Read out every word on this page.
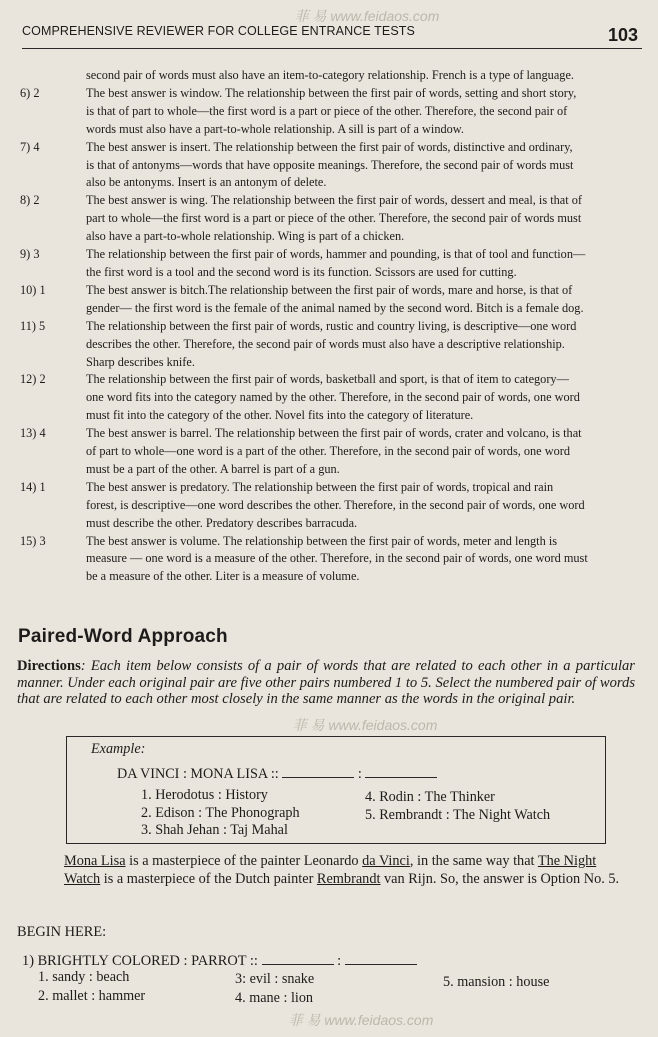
菲 易 www.feidaos.com
COMPREHENSIVE REVIEWER FOR COLLEGE ENTRANCE TESTS	103
second pair of words must also have an item-to-category relationship. French is a type of language.
6) 2	The best answer is window. The relationship between the first pair of words, setting and short story,
is that of part to whole—the first word is a part or piece of the other. Therefore, the second pair of
words must also have a part-to-whole relationship. A sill is part of a window.
7) 4	The best answer is insert. The relationship between the first pair of words, distinctive and ordinary,
is that of antonyms—words that have opposite meanings. Therefore, the second pair of words must
also be antonyms. Insert is an antonym of delete.
8) 2	The best answer is wing. The relationship between the first pair of words, dessert and meal, is that of
part to whole—the first word is a part or piece of the other. Therefore, the second pair of words must
also have a part-to-whole relationship. Wing is part of a chicken.
9) 3	The relationship between the first pair of words, hammer and pounding, is that of tool and function—
the first word is a tool and the second word is its function. Scissors are used for cutting.
10) 1	The best answer is bitch.The relationship between the first pair of words, mare and horse, is that of
gender— the first word is the female of the animal named by the second word. Bitch is a female dog.
11) 5	The relationship between the first pair of words, rustic and country living, is descriptive—one word
describes the other. Therefore, the second pair of words must also have a descriptive relationship.
Sharp describes knife.
12) 2	The relationship between the first pair of words, basketball and sport, is that of item to category—
one word fits into the category named by the other. Therefore, in the second pair of words, one word
must fit into the category of the other. Novel fits into the category of literature.
13) 4	The best answer is barrel. The relationship between the first pair of words, crater and volcano, is that
of part to whole—one word is a part of the other. Therefore, in the second pair of words, one word
must be a part of the other. A barrel is part of a gun.
14) 1	The best answer is predatory. The relationship between the first pair of words, tropical and rain
forest, is descriptive—one word describes the other. Therefore, in the second pair of words, one word
must describe the other. Predatory describes barracuda.
15) 3	The best answer is volume. The relationship between the first pair of words, meter and length is
measure — one word is a measure of the other. Therefore, in the second pair of words, one word must
be a measure of the other. Liter is a measure of volume.
Paired-Word Approach
Directions: Each item below consists of a pair of words that are related to each other in a particular manner. Under each original pair are five other pairs numbered 1 to 5. Select the numbered pair of words that are related to each other most closely in the same manner as the words in the original pair.
菲 易 www.feidaos.com
Example:
DA VINCI : MONA LISA ::	:
1. Herodotus : History
2. Edison : The Phonograph
3. Shah Jehan : Taj Mahal
4. Rodin : The Thinker
5. Rembrandt : The Night Watch
Mona Lisa is a masterpiece of the painter Leonardo da Vinci, in the same way that The Night Watch is a masterpiece of the Dutch painter Rembrandt van Rijn. So, the answer is Option No. 5.
BEGIN HERE:
1) BRIGHTLY COLORED : PARROT ::	:
1. sandy : beach
2. mallet : hammer
3: evil : snake
4. mane : lion
5. mansion : house
菲 易 www.feidaos.com
